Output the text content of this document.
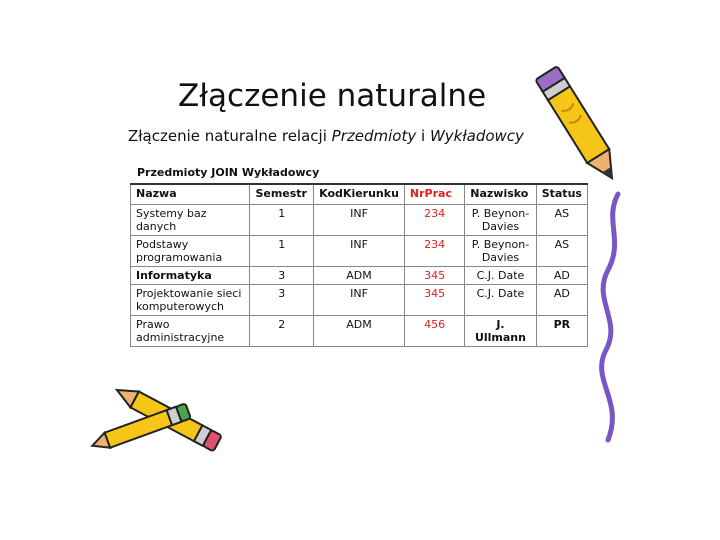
Złączenie naturalne
Złączenie naturalne relacji Przedmioty i Wykładowcy
Przedmioty JOIN Wykładowcy
Nazwa	Semestr	KodKierunku	NrPrac	Nazwisko	Status
Systemy baz danych	1	INF	234	P. Beynon-Davies	AS
Podstawy programowania	1	INF	234	P. Beynon-Davies	AS
Informatyka	3	ADM	345	C.J. Date	AD
Projektowanie sieci komputerowych	3	INF	345	C.J. Date	AD
Prawo administracyjne	2	ADM	456	J. Ullmann	PR
